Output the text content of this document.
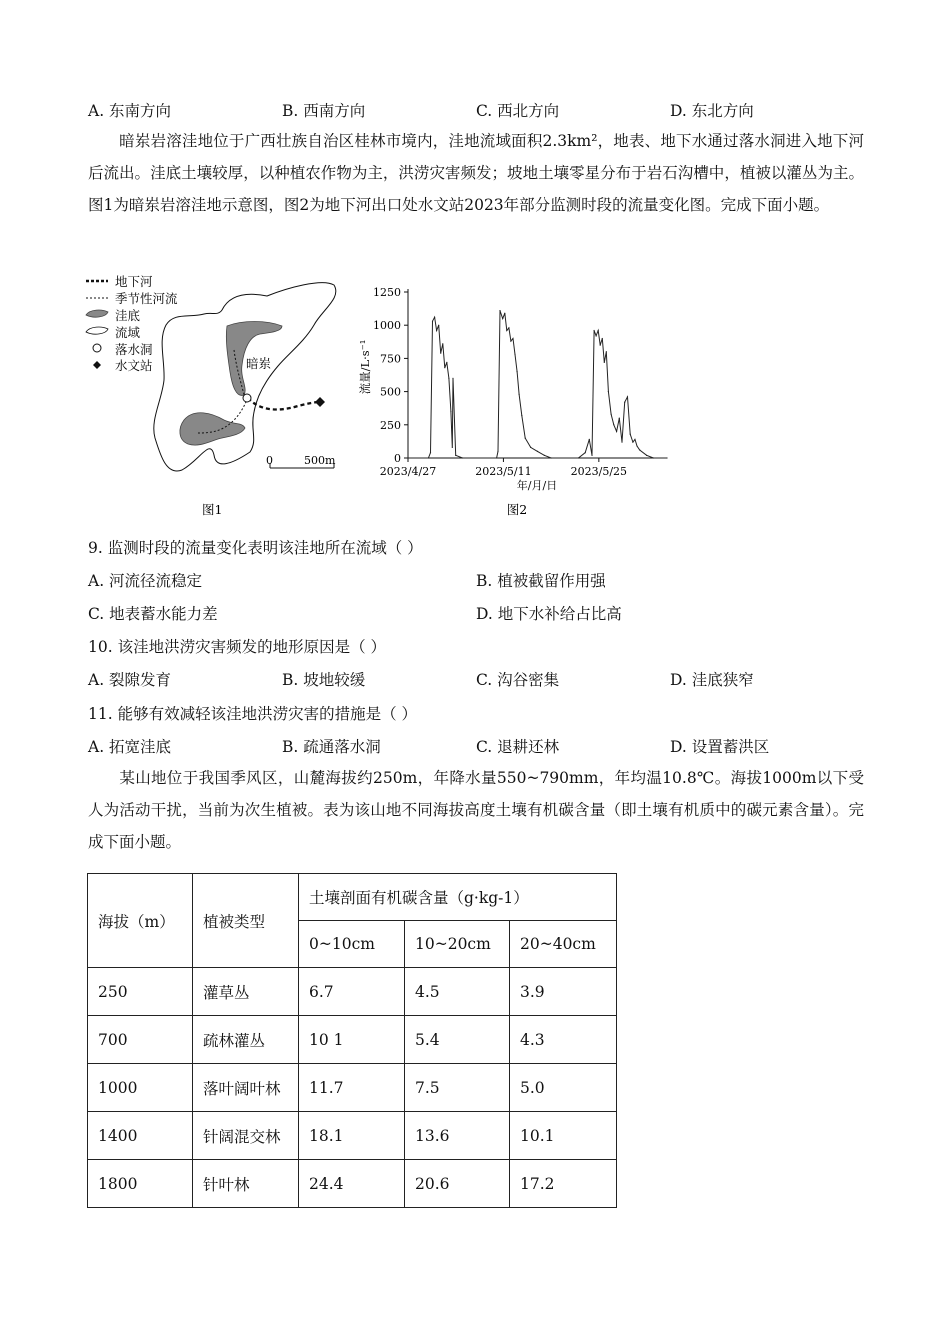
A. 东南方向	B. 西南方向	C. 西北方向	D. 东北方向
暗岽岩溶洼地位于广西壮族自治区桂林市境内，洼地流域面积2.3km²，地表、地下水通过落水洞进入地下河后流出。洼底土壤较厚，以种植农作物为主，洪涝灾害频发；坡地土壤零星分布于岩石沟槽中，植被以灌丛为主。图1为暗岽岩溶洼地示意图，图2为地下河出口处水文站2023年部分监测时段的流量变化图。完成下面小题。
地下河
季节性河流
洼底
流域
落水洞
水文站	暗岽
0	500m
图1
流量/L·s⁻¹
1250
1000
750
500
250
0
2023/4/27	2023/5/11	2023/5/25
年/月/日
图2
9. 监测时段的流量变化表明该洼地所在流域（ ）
A. 河流径流稳定	B. 植被截留作用强
C. 地表蓄水能力差	D. 地下水补给占比高
10. 该洼地洪涝灾害频发的地形原因是（ ）
A. 裂隙发育	B. 坡地较缓	C. 沟谷密集	D. 洼底狭窄
11. 能够有效减轻该洼地洪涝灾害的措施是（ ）
A. 拓宽洼底	B. 疏通落水洞	C. 退耕还林	D. 设置蓄洪区
某山地位于我国季风区，山麓海拔约250m，年降水量550~790mm，年均温10.8℃。海拔1000m以下受人为活动干扰，当前为次生植被。表为该山地不同海拔高度土壤有机碳含量（即土壤有机质中的碳元素含量）。完成下面小题。
海拔（m）	植被类型	土壤剖面有机碳含量（g·kg-1）		
		0~10cm	10~20cm	20~40cm
250	灌草丛	6.7	4.5	3.9
700	疏林灌丛	10 1	5.4	4.3
1000	落叶阔叶林	11.7	7.5	5.0
1400	针阔混交林	18.1	13.6	10.1
1800	针叶林	24.4	20.6	17.2
